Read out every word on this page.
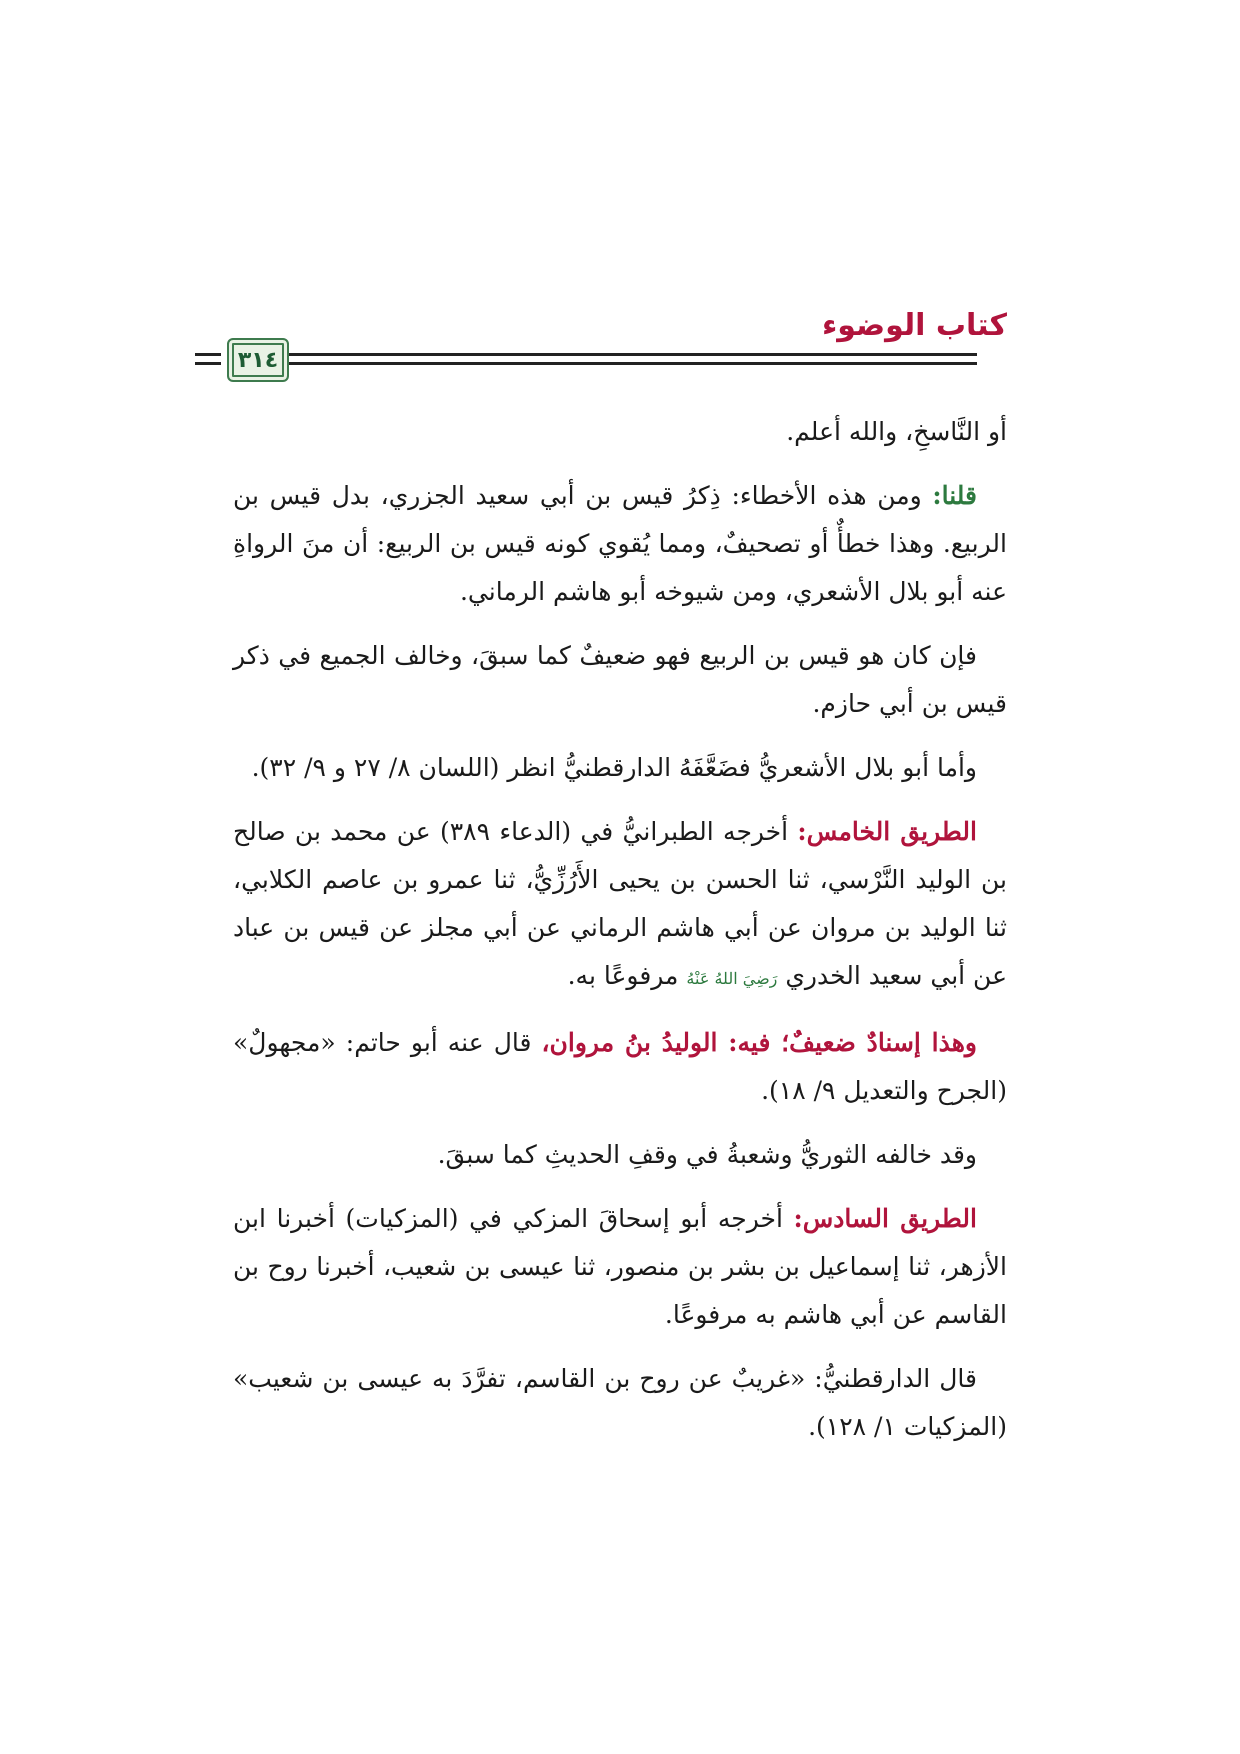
كتاب الوضوء
٣١٤

أو النَّاسخِ، والله أعلم.

قلنا: ومن هذه الأخطاء: ذِكرُ قيس بن أبي سعيد الجزري، بدل قيس بن الربيع. وهذا خطأٌ أو تصحيفٌ، ومما يُقوي كونه قيس بن الربيع: أن منَ الرواةِ عنه أبو بلال الأشعري، ومن شيوخه أبو هاشم الرماني.

فإن كان هو قيس بن الربيع فهو ضعيفٌ كما سبقَ، وخالف الجميع في ذكر قيس بن أبي حازم.

وأما أبو بلال الأشعريُّ فضَعَّفَهُ الدارقطنيُّ انظر (اللسان ٨/ ٢٧ و ٩/ ٣٢).

الطريق الخامس: أخرجه الطبرانيُّ في (الدعاء ٣٨٩) عن محمد بن صالح بن الوليد النَّرْسي، ثنا الحسن بن يحيى الأَرُزِّيُّ، ثنا عمرو بن عاصم الكلابي، ثنا الوليد بن مروان عن أبي هاشم الرماني عن أبي مجلز عن قيس بن عباد عن أبي سعيد الخدري رَضِيَ اللهُ عَنْهُ مرفوعًا به.

وهذا إسنادٌ ضعيفٌ؛ فيه: الوليدُ بنُ مروان، قال عنه أبو حاتم: «مجهولٌ» (الجرح والتعديل ٩/ ١٨).

وقد خالفه الثوريُّ وشعبةُ في وقفِ الحديثِ كما سبقَ.

الطريق السادس: أخرجه أبو إسحاقَ المزكي في (المزكيات) أخبرنا ابن الأزهر، ثنا إسماعيل بن بشر بن منصور، ثنا عيسى بن شعيب، أخبرنا روح بن القاسم عن أبي هاشم به مرفوعًا.

قال الدارقطنيُّ: «غريبٌ عن روح بن القاسم، تفرَّدَ به عيسى بن شعيب» (المزكيات ١/ ١٢٨).
